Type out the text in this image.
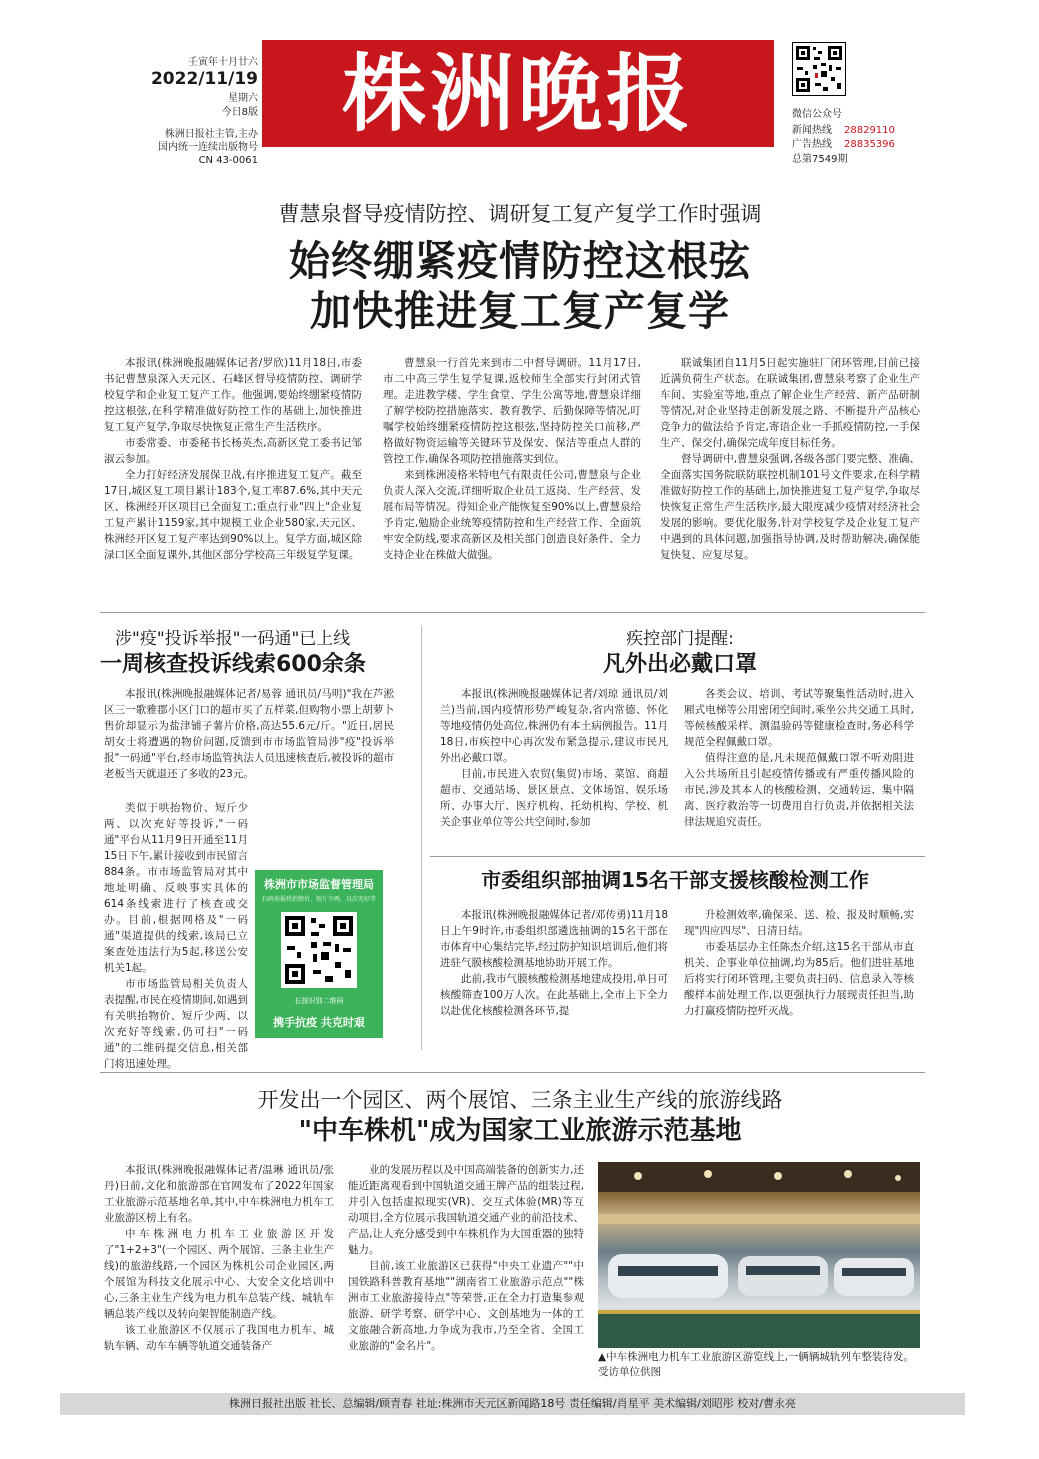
壬寅年十月廿六
2022/11/19
星期六
今日8版
株洲日报社主管,主办
国内统一连续出版物号
CN 43-0061
株洲晚报	微信公众号
新闻热线 28829110
广告热线 28835396
总第7549期
曹慧泉督导疫情防控、调研复工复产复学工作时强调
始终绷紧疫情防控这根弦
加快推进复工复产复学

本报讯(株洲晚报融媒体记者/罗欣)11月18日,市委书记曹慧泉深入天元区、石峰区督导疫情防控、调研学校复学和企业复工复产工作。他强调,要始终绷紧疫情防控这根弦,在科学精准做好防控工作的基础上,加快推进复工复产复学,争取尽快恢复正常生产生活秩序。

市委常委、市委秘书长杨英杰,高新区党工委书记邹淑云参加。

全力打好经济发展保卫战,有序推进复工复产。截至17日,城区复工项目累计183个,复工率87.6%,其中天元区、株洲经开区项目已全面复工;重点行业"四上"企业复工复产累计1159家,其中规模工业企业580家,天元区、株洲经开区复工复产率达到90%以上。复学方面,城区除渌口区全面复课外,其他区部分学校高三年级复学复课。

曹慧泉一行首先来到市二中督导调研。11月17日,市二中高三学生复学复课,返校师生全部实行封闭式管理。走进教学楼、学生食堂、学生公寓等地,曹慧泉详细了解学校防控措施落实、教育教学、后勤保障等情况,叮嘱学校始终绷紧疫情防控这根弦,坚持防控关口前移,严格做好物资运输等关键环节及保安、保洁等重点人群的管控工作,确保各项防控措施落实到位。

来到株洲凌格米特电气有限责任公司,曹慧泉与企业负责人深入交流,详细听取企业员工返岗、生产经营、发展布局等情况。得知企业产能恢复至90%以上,曹慧泉给予肯定,勉励企业统筹疫情防控和生产经营工作、全面筑牢安全防线,要求高新区及相关部门创造良好条件、全力支持企业在株做大做强。

联诚集团自11月5日起实施驻厂闭环管理,目前已接近满负荷生产状态。在联诚集团,曹慧泉考察了企业生产车间、实验室等地,重点了解企业生产经营、新产品研制等情况,对企业坚持走创新发展之路、不断提升产品核心竞争力的做法给予肯定,寄语企业一手抓疫情防控,一手保生产、保交付,确保完成年度目标任务。

督导调研中,曹慧泉强调,各级各部门要完整、准确、全面落实国务院联防联控机制101号文件要求,在科学精准做好防控工作的基础上,加快推进复工复产复学,争取尽快恢复正常生产生活秩序,最大限度减少疫情对经济社会发展的影响。要优化服务,针对学校复学及企业复工复产中遇到的具体问题,加强指导协调,及时帮助解决,确保能复快复、应复尽复。

涉"疫"投诉举报"一码通"已上线
一周核查投诉线索600余条

本报讯(株洲晚报融媒体记者/易蓉 通讯员/马明)"我在芦淞区三一歌雅郡小区门口的超市买了五样菜,但购物小票上胡萝卜售价却显示为盐津铺子薯片价格,高达55.6元/斤。"近日,居民胡女士将遭遇的物价问题,反馈到市市场监管局涉"疫"投诉举报"一码通"平台,经市场监管执法人员迅速核查后,被投诉的超市老板当天就退还了多收的23元。

类似于哄抬物价、短斤少两、以次充好等投诉,"一码通"平台从11月9日开通至11月15日下午,累计接收到市民留言884条。市市场监管局对其中地址明确、反映事实具体的614条线索进行了核查或交办。目前,根据网格及"一码通"渠道提供的线索,该局已立案查处违法行为5起,移送公安机关1起。

市市场监管局相关负责人表提醒,市民在疫情期间,如遇到有关哄抬物价、短斤少两、以次充好等线索,仍可扫"一码通"的二维码提交信息,相关部门将迅速处理。

株洲市市场监督管理局
扫码举报哄抬物价、短斤少两、以次充好等
长按识别二维码
携手抗疫 共克时艰
疾控部门提醒:
凡外出必戴口罩

本报讯(株洲晚报融媒体记者/刘琼 通讯员/刘兰)当前,国内疫情形势严峻复杂,省内常德、怀化等地疫情仍处高位,株洲仍有本土病例报告。11月18日,市疾控中心再次发布紧急提示,建议市民凡外出必戴口罩。

目前,市民进入农贸(集贸)市场、菜馆、商超超市、交通站场、景区景点、文体场馆、娱乐场所、办事大厅、医疗机构、托幼机构、学校、机关企事业单位等公共空间时,参加

各类会议、培训、考试等聚集性活动时,进入厢式电梯等公用密闭空间时,乘坐公共交通工具时,等候核酸采样、测温验码等健康检查时,务必科学规范全程佩戴口罩。

值得注意的是,凡未规范佩戴口罩不听劝阻进入公共场所且引起疫情传播或有严重传播风险的市民,涉及其本人的核酸检测、交通转运、集中隔离、医疗救治等一切费用自行负责,并依据相关法律法规追究责任。

市委组织部抽调15名干部支援核酸检测工作

本报讯(株洲晚报融媒体记者/邓传勇)11月18日上午9时许,市委组织部遴选抽调的15名干部在市体育中心集结完毕,经过防护知识培训后,他们将进驻气膜核酸检测基地协助开展工作。

此前,我市气膜核酸检测基地建成投用,单日可核酸筛查100万人次。在此基础上,全市上下全力以赴优化核酸检测各环节,提

升检测效率,确保采、送、检、报及时顺畅,实现"四应四尽"、日清日结。

市委基层办主任陈杰介绍,这15名干部从市直机关、企事业单位抽调,均为85后。他们进驻基地后将实行闭环管理,主要负责扫码、信息录入等核酸样本前处理工作,以更强执行力展现责任担当,助力打赢疫情防控歼灭战。

开发出一个园区、两个展馆、三条主业生产线的旅游线路
"中车株机"成为国家工业旅游示范基地

本报讯(株洲晚报融媒体记者/温琳 通讯员/张丹)日前,文化和旅游部在官网发布了2022年国家工业旅游示范基地名单,其中,中车株洲电力机车工业旅游区榜上有名。

中车株洲电力机车工业旅游区开发了"1+2+3"(一个园区、两个展馆、三条主业生产线)的旅游线路,一个园区为株机公司企业园区,两个展馆为科技文化展示中心、大安全文化培训中心,三条主业生产线为电力机车总装产线、城轨车辆总装产线以及转向架智能制造产线。

该工业旅游区不仅展示了我国电力机车、城轨车辆、动车车辆等轨道交通装备产

业的发展历程以及中国高端装备的创新实力,还能近距离观看到中国轨道交通王牌产品的组装过程,并引入包括虚拟现实(VR)、交互式体验(MR)等互动项目,全方位展示我国轨道交通产业的前沿技术、产品,让人充分感受到中车株机作为大国重器的独特魅力。

目前,该工业旅游区已获得"中央工业遗产""中国铁路科普教育基地""湖南省工业旅游示范点""株洲市工业旅游接待点"等荣誉,正在全力打造集参观旅游、研学考察、研学中心、文创基地为一体的工文旅融合新高地,力争成为我市,乃至全省、全国工业旅游的"金名片"。

▲中车株洲电力机车工业旅游区游览线上,一辆辆城轨列车整装待发。受访单位供图
株洲日报社出版 社长、总编辑/顾青春 社址:株洲市天元区新闻路18号 责任编辑/肖星平 美术编辑/刘昭彤 校对/曹永亮
